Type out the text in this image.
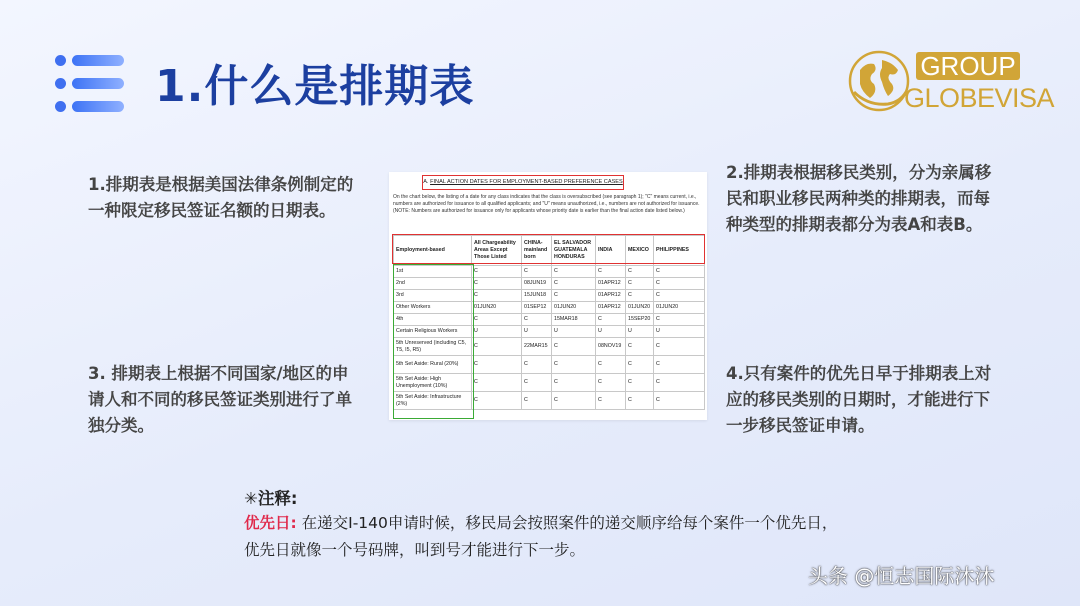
1.什么是排期表	GROUP
GLOBEVISA
1.排期表是根据美国法律条例制定的一种限定移民签证名额的日期表。
2.排期表根据移民类别，分为亲属移民和职业移民两种类的排期表，而每种类型的排期表都分为表A和表B。
3. 排期表上根据不同国家/地区的申请人和不同的移民签证类别进行了单独分类。
4.只有案件的优先日早于排期表上对应的移民类别的日期时，才能进行下一步移民签证申请。
A. FINAL ACTION DATES FOR EMPLOYMENT-BASED PREFERENCE CASES
On the chart below, the listing of a date for any class indicates that the class is oversubscribed (see paragraph 1); "C" means current, i.e., numbers are authorized for issuance to all qualified applicants; and "U" means unauthorized, i.e., numbers are not authorized for issuance. (NOTE: Numbers are authorized for issuance only for applicants whose priority date is earlier than the final action date listed below.)
Employment-based	All Chargeability Areas Except Those Listed	CHINA-mainland born	EL SALVADOR GUATEMALA HONDURAS	INDIA	MEXICO	PHILIPPINES
1st	C	C	C	C	C	C
2nd	C	08JUN19	C	01APR12	C	C
3rd	C	15JUN18	C	01APR12	C	C
Other Workers	01JUN20	01SEP12	01JUN20	01APR12	01JUN20	01JUN20
4th	C	C	15MAR18	C	15SEP20	C
Certain Religious Workers	U	U	U	U	U	U
5th Unreserved (including C5, T5, I5, R5)	C	22MAR15	C	08NOV19	C	C
5th Set Aside: Rural (20%)	C	C	C	C	C	C
5th Set Aside: High Unemployment (10%)	C	C	C	C	C	C
5th Set Aside: Infrastructure (2%)	C	C	C	C	C	C
✳注释:
优先日: 在递交I-140申请时候，移民局会按照案件的递交顺序给每个案件一个优先日，
优先日就像一个号码牌，叫到号才能进行下一步。
头条 @恒志国际沐沐
